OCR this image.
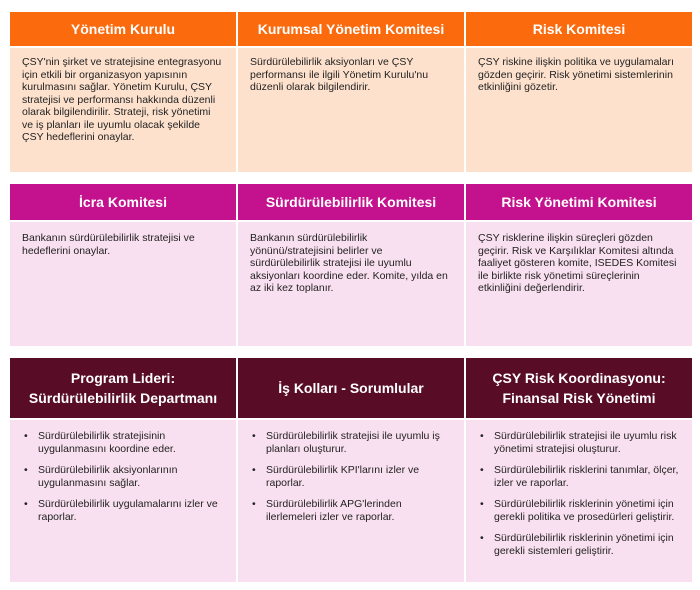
Yönetim Kurulu

ÇSY'nin şirket ve stratejisine entegrasyonu için etkili bir organizasyon yapısının kurulmasını sağlar. Yönetim Kurulu, ÇSY stratejisi ve performansı hakkında düzenli olarak bilgilendirilir. Strateji, risk yönetimi ve iş planları ile uyumlu olacak şekilde ÇSY hedeflerini onaylar.

Kurumsal Yönetim Komitesi

Sürdürülebilirlik aksiyonları ve ÇSY performansı ile ilgili Yönetim Kurulu'nu düzenli olarak bilgilendirir.

Risk Komitesi

ÇSY riskine ilişkin politika ve uygulamaları gözden geçirir. Risk yönetimi sistemlerinin etkinliğini gözetir.

İcra Komitesi

Bankanın sürdürülebilirlik stratejisi ve hedeflerini onaylar.

Sürdürülebilirlik Komitesi

Bankanın sürdürülebilirlik yönünü/stratejisini belirler ve sürdürülebilirlik stratejisi ile uyumlu aksiyonları koordine eder. Komite, yılda en az iki kez toplanır.

Risk Yönetimi Komitesi

ÇSY risklerine ilişkin süreçleri gözden geçirir. Risk ve Karşılıklar Komitesi altında faaliyet gösteren komite, ISEDES Komitesi ile birlikte risk yönetimi süreçlerinin etkinliğini değerlendirir.

Program Lideri:
Sürdürülebilirlik Departmanı
• Sürdürülebilirlik stratejisinin uygulanmasını koordine eder.
• Sürdürülebilirlik aksiyonlarının uygulanmasını sağlar.
• Sürdürülebilirlik uygulamalarını izler ve raporlar.
İş Kolları - Sorumlular
• Sürdürülebilirlik stratejisi ile uyumlu iş planları oluşturur.
• Sürdürülebilirlik KPI'larını izler ve raporlar.
• Sürdürülebilirlik APG'lerinden ilerlemeleri izler ve raporlar.
ÇSY Risk Koordinasyonu:
Finansal Risk Yönetimi
• Sürdürülebilirlik stratejisi ile uyumlu risk yönetimi stratejisi oluşturur.
• Sürdürülebilirlik risklerini tanımlar, ölçer, izler ve raporlar.
• Sürdürülebilirlik risklerinin yönetimi için gerekli politika ve prosedürleri geliştirir.
• Sürdürülebilirlik risklerinin yönetimi için gerekli sistemleri geliştirir.
